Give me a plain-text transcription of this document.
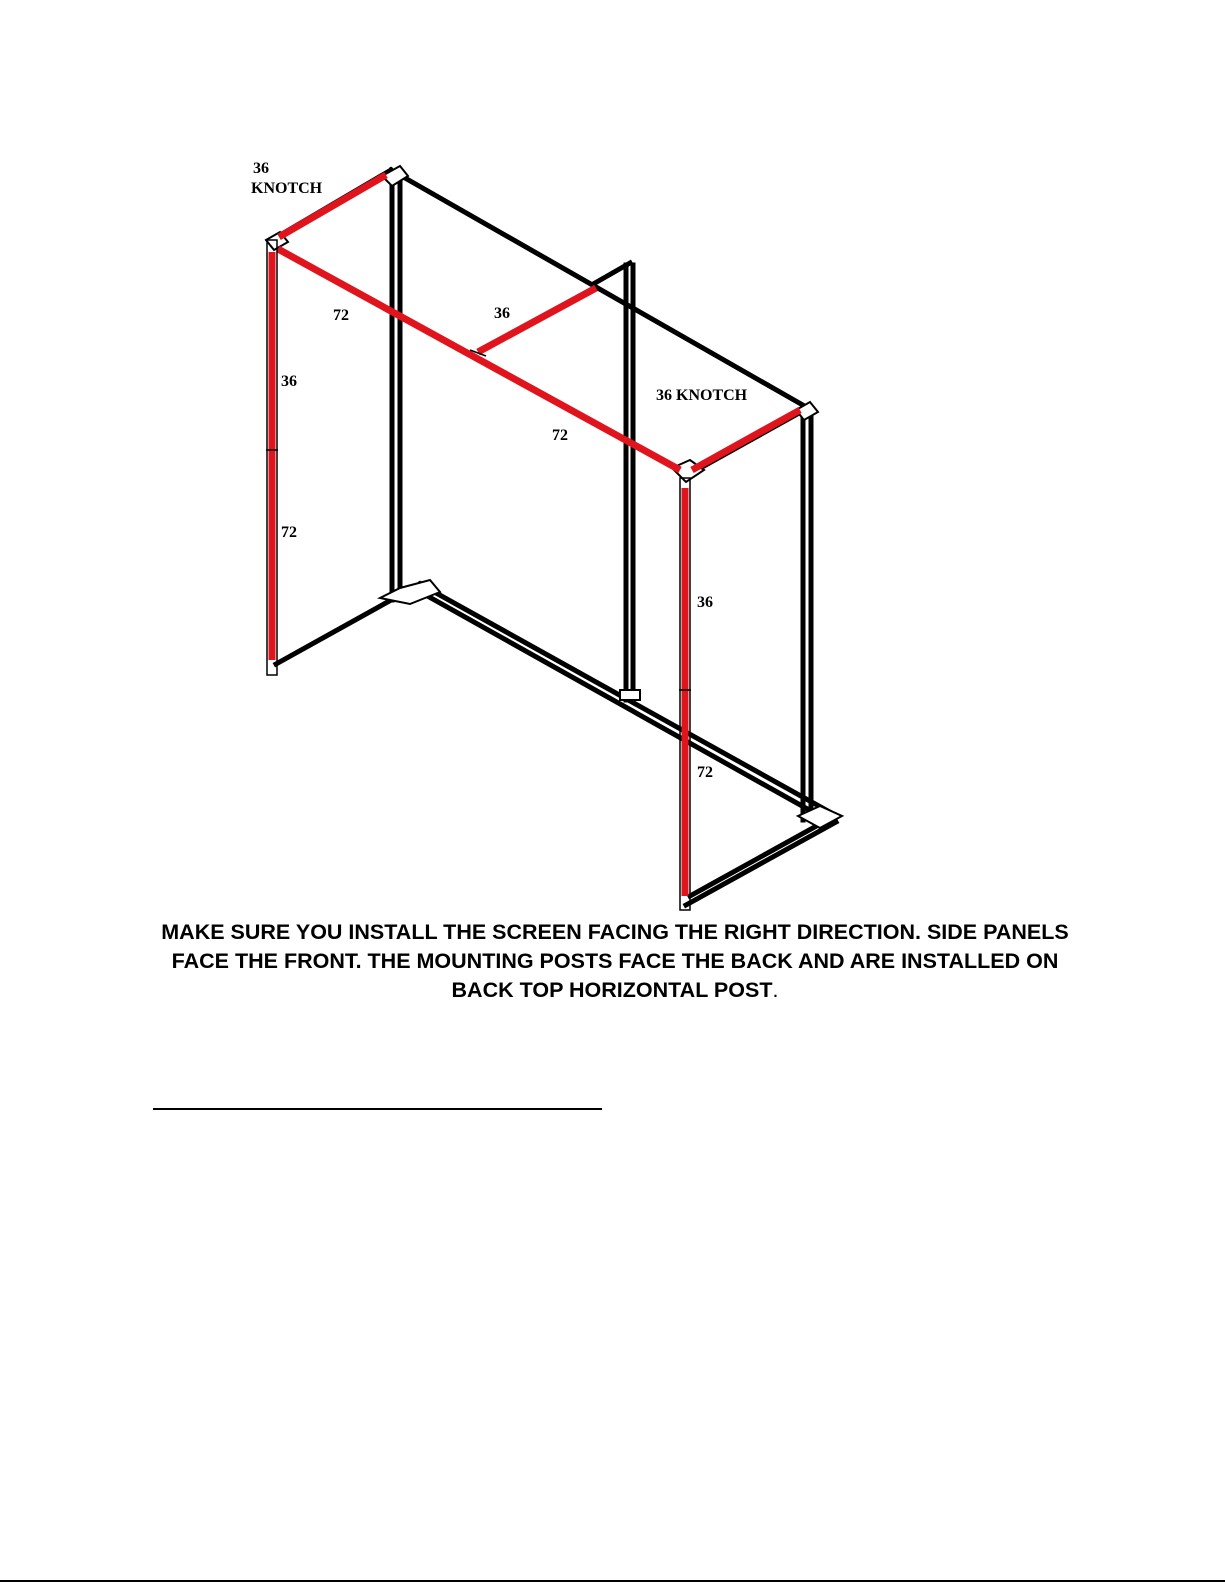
36
KNOTCH
72	36
36 KNOTCH
72
36
72
36
72

MAKE SURE YOU INSTALL THE SCREEN FACING THE RIGHT DIRECTION. SIDE PANELS FACE THE FRONT. THE MOUNTING POSTS FACE THE BACK AND ARE INSTALLED ON BACK TOP HORIZONTAL POST.
